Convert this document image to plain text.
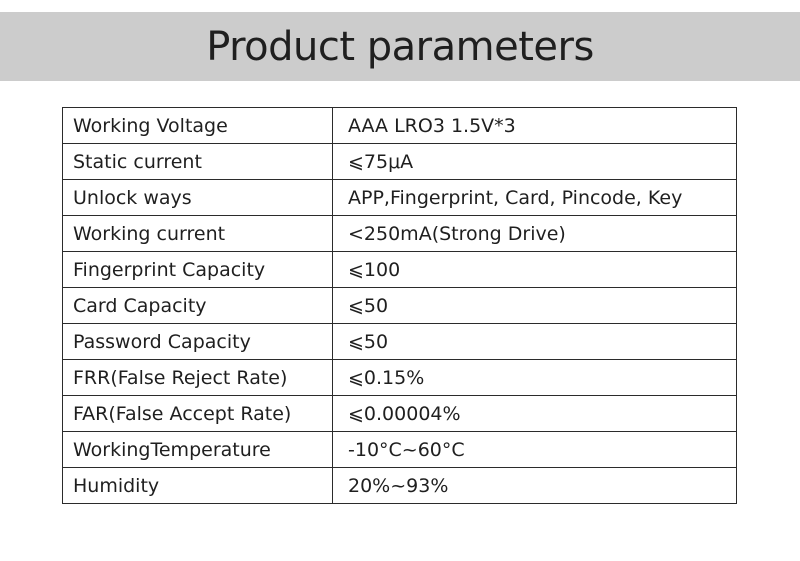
Product parameters
Working Voltage	AAA LRO3 1.5V*3
Static current	⩽75μA
Unlock ways	APP,Fingerprint, Card, Pincode, Key
Working current	<250mA(Strong Drive)
Fingerprint Capacity	⩽100
Card Capacity	⩽50
Password Capacity	⩽50
FRR(False Reject Rate)	⩽0.15%
FAR(False Accept Rate)	⩽0.00004%
WorkingTemperature	-10°C~60°C
Humidity	20%~93%
